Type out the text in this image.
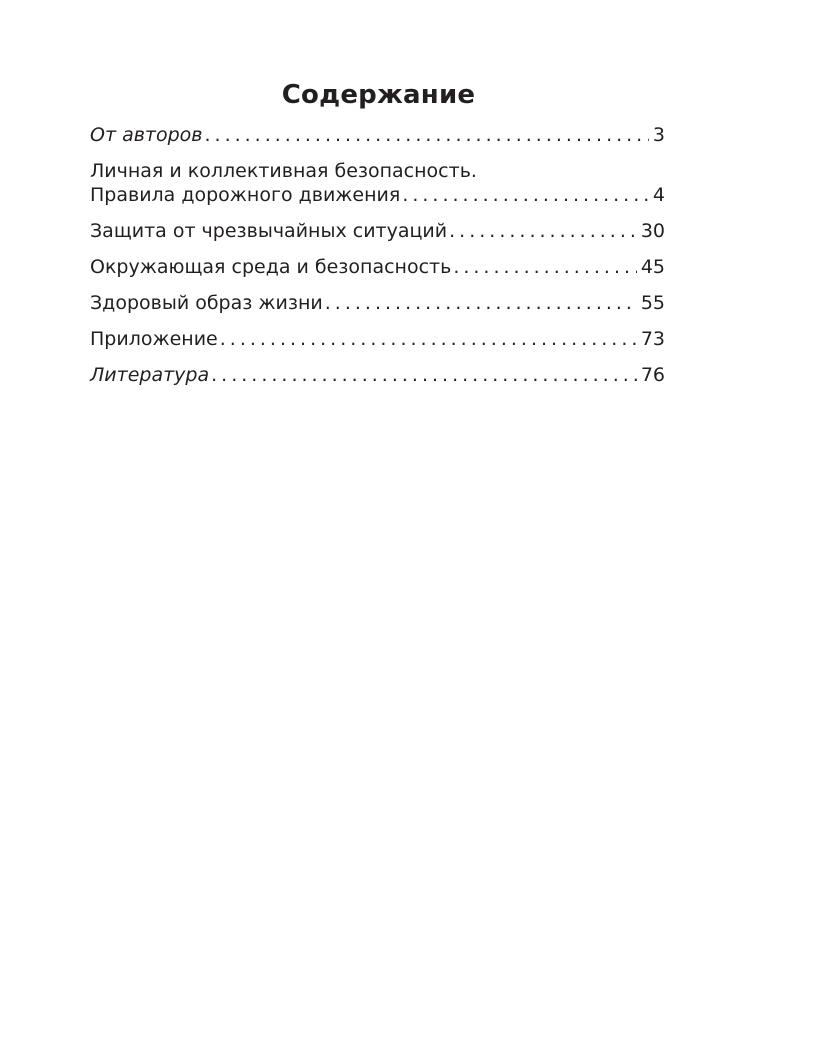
Содержание
От авторов .....	3
Личная и коллективная безопасность.
Правила дорожного движения .....	4
Защита от чрезвычайных ситуаций .....	30
Окружающая среда и безопасность .....	45
Здоровый образ жизни .....	55
Приложение .....	73
Литература .....	76
